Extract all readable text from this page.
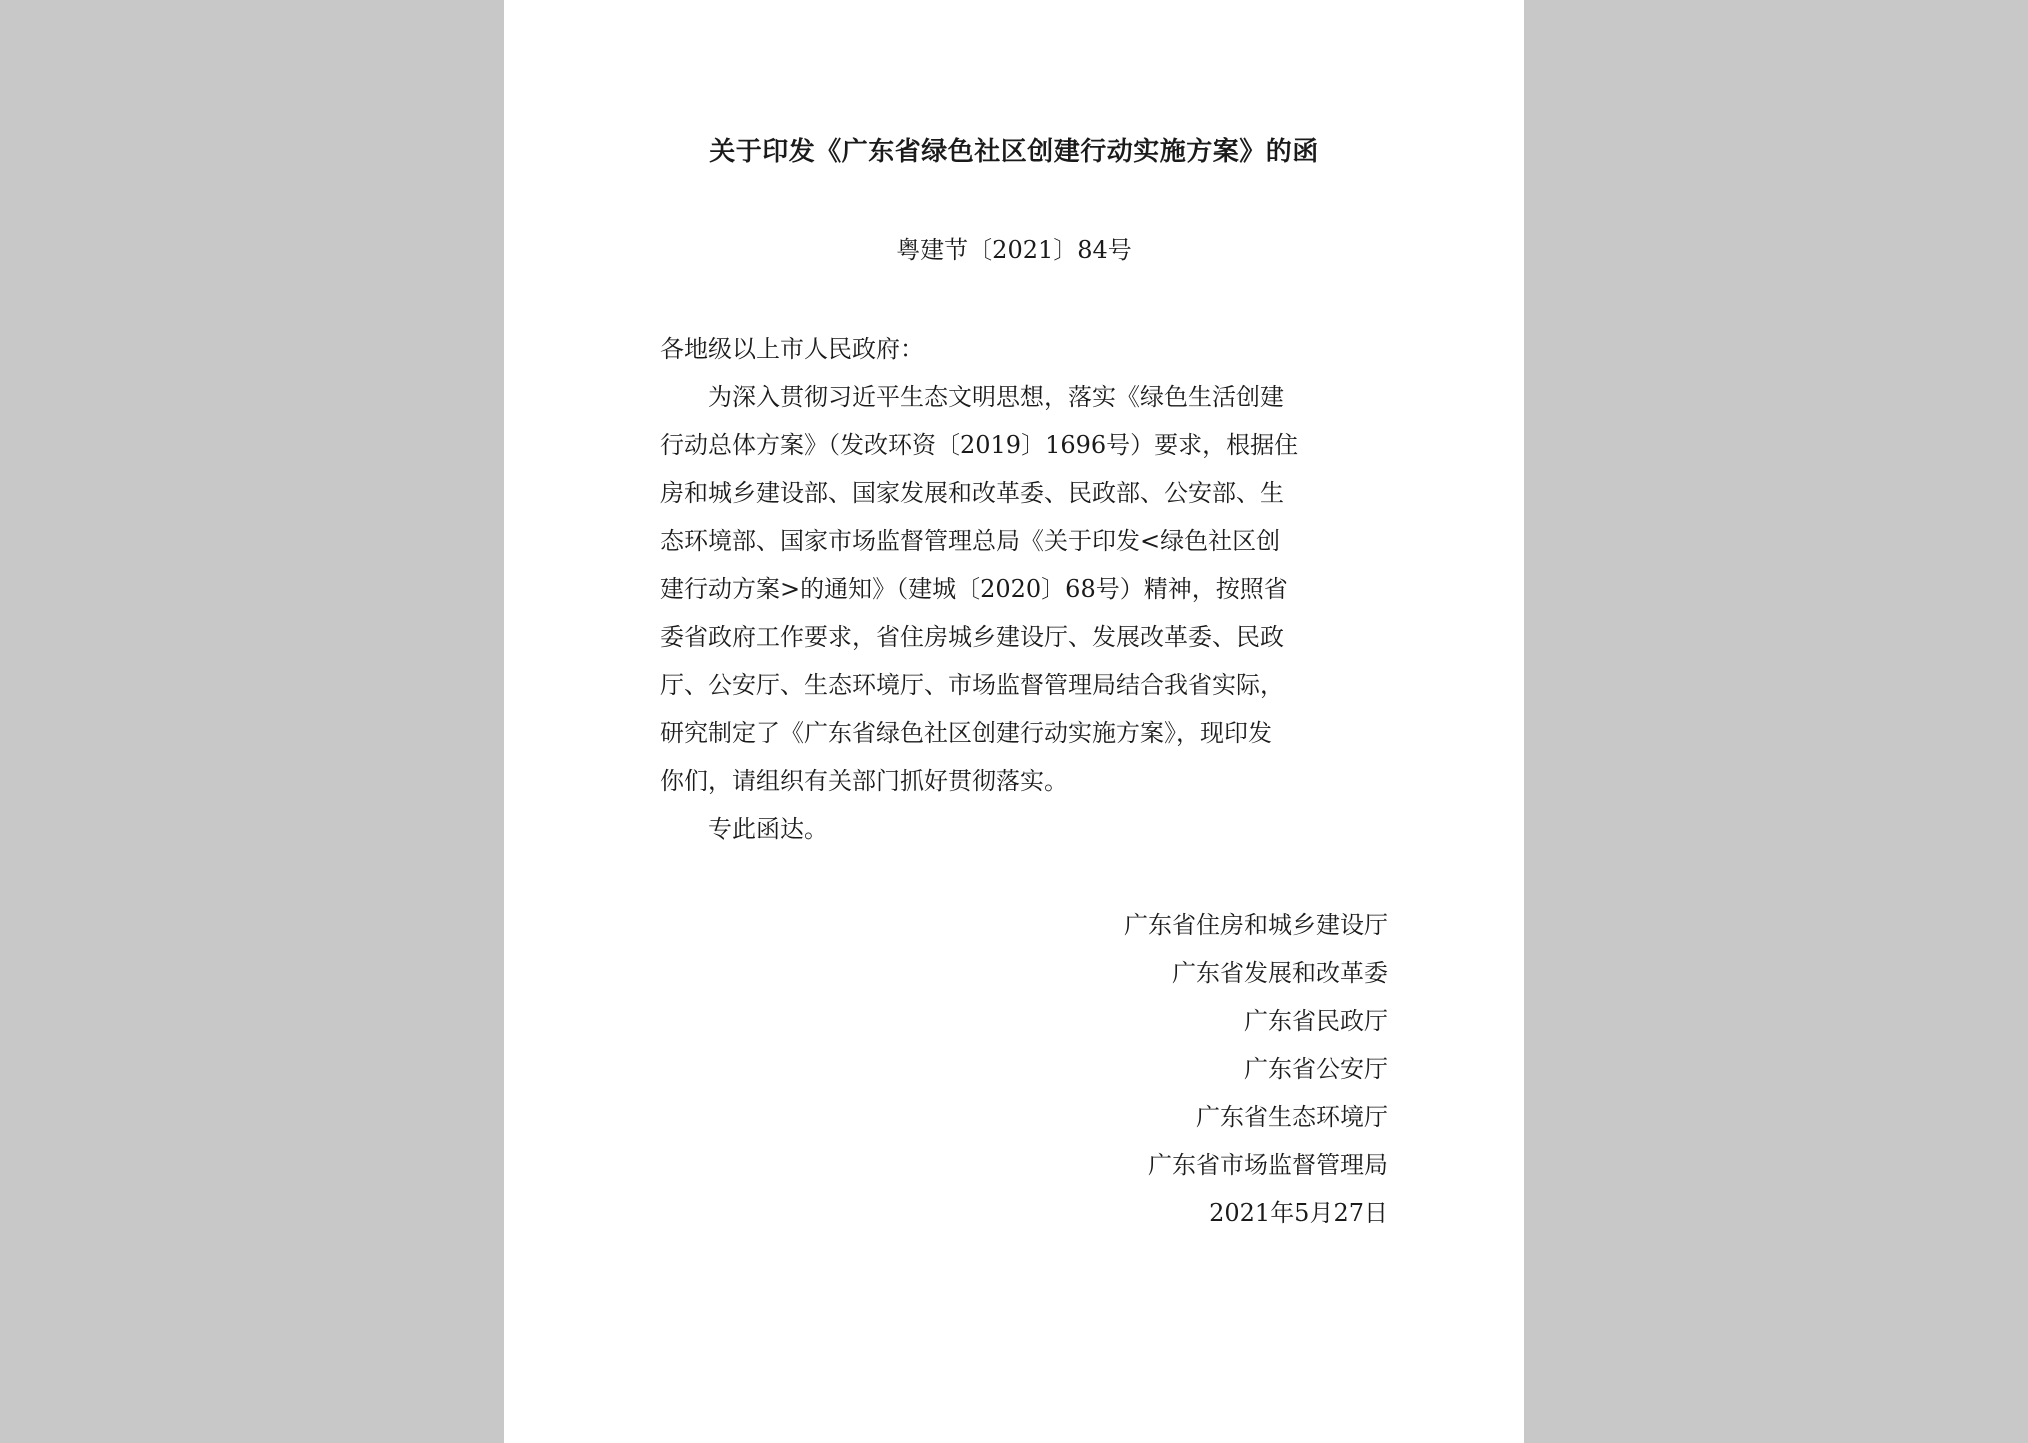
关于印发《广东省绿色社区创建行动实施方案》的函
粤建节〔2021〕84号
各地级以上市人民政府：
　　为深入贯彻习近平生态文明思想，落实《绿色生活创建
行动总体方案》（发改环资〔2019〕1696号）要求，根据住
房和城乡建设部、国家发展和改革委、民政部、公安部、生
态环境部、国家市场监督管理总局《关于印发<绿色社区创
建行动方案>的通知》（建城〔2020〕68号）精神，按照省
委省政府工作要求，省住房城乡建设厅、发展改革委、民政
厅、公安厅、生态环境厅、市场监督管理局结合我省实际，
研究制定了《广东省绿色社区创建行动实施方案》，现印发
你们，请组织有关部门抓好贯彻落实。
　　专此函达。
广东省住房和城乡建设厅
广东省发展和改革委
广东省民政厅
广东省公安厅
广东省生态环境厅
广东省市场监督管理局
2021年5月27日
